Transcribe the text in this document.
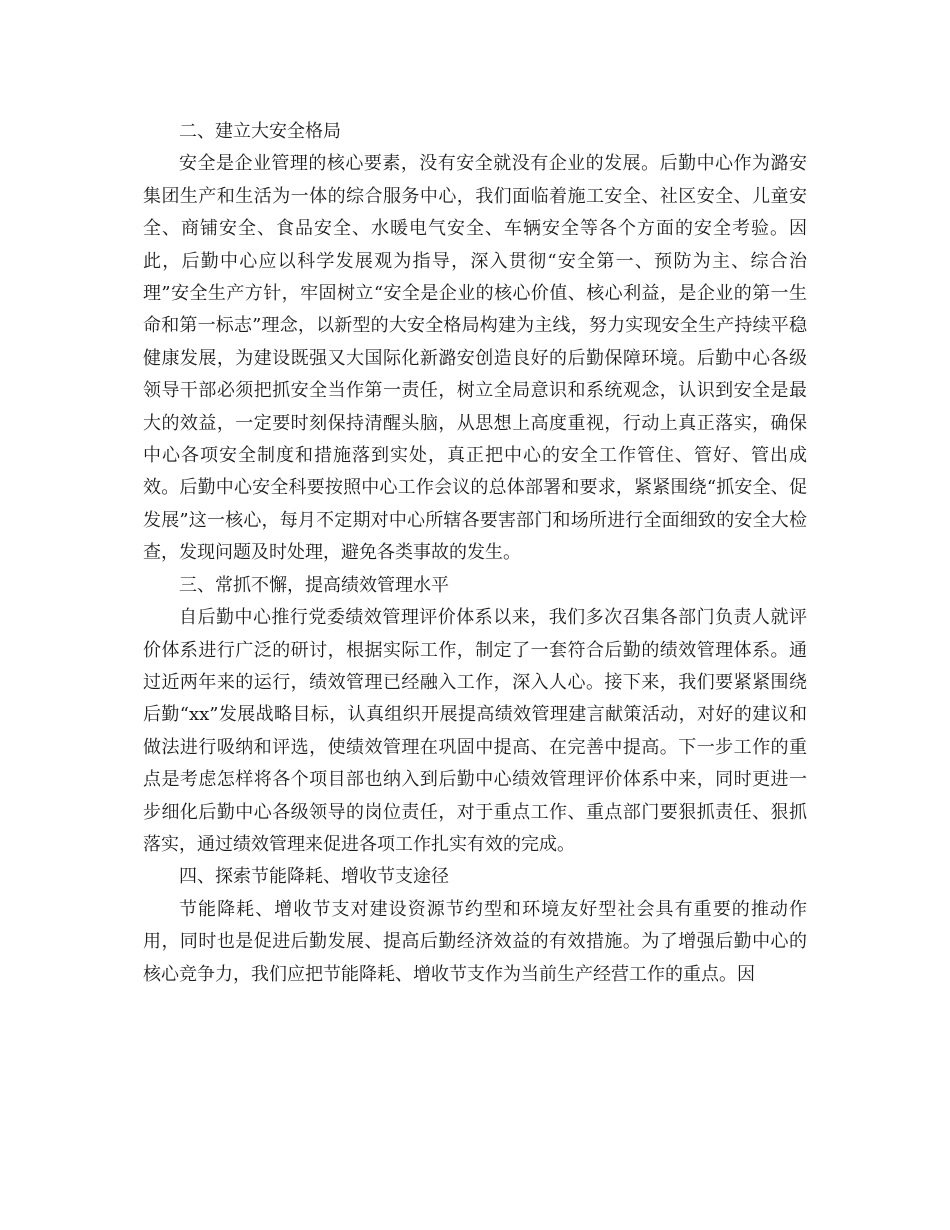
二、建立大安全格局

安全是企业管理的核心要素，没有安全就没有企业的发展。后勤中心作为潞安集团生产和生活为一体的综合服务中心，我们面临着施工安全、社区安全、儿童安全、商铺安全、食品安全、水暖电气安全、车辆安全等各个方面的安全考验。因此，后勤中心应以科学发展观为指导，深入贯彻“安全第一、预防为主、综合治理”安全生产方针，牢固树立“安全是企业的核心价值、核心利益，是企业的第一生命和第一标志”理念，以新型的大安全格局构建为主线，努力实现安全生产持续平稳健康发展，为建设既强又大国际化新潞安创造良好的后勤保障环境。后勤中心各级领导干部必须把抓安全当作第一责任，树立全局意识和系统观念，认识到安全是最大的效益，一定要时刻保持清醒头脑，从思想上高度重视，行动上真正落实，确保中心各项安全制度和措施落到实处，真正把中心的安全工作管住、管好、管出成效。后勤中心安全科要按照中心工作会议的总体部署和要求，紧紧围绕“抓安全、促发展”这一核心，每月不定期对中心所辖各要害部门和场所进行全面细致的安全大检查，发现问题及时处理，避免各类事故的发生。

三、常抓不懈，提高绩效管理水平

自后勤中心推行党委绩效管理评价体系以来，我们多次召集各部门负责人就评价体系进行广泛的研讨，根据实际工作，制定了一套符合后勤的绩效管理体系。通过近两年来的运行，绩效管理已经融入工作，深入人心。接下来，我们要紧紧围绕后勤“xx”发展战略目标，认真组织开展提高绩效管理建言献策活动，对好的建议和做法进行吸纳和评选，使绩效管理在巩固中提高、在完善中提高。下一步工作的重点是考虑怎样将各个项目部也纳入到后勤中心绩效管理评价体系中来，同时更进一步细化后勤中心各级领导的岗位责任，对于重点工作、重点部门要狠抓责任、狠抓落实，通过绩效管理来促进各项工作扎实有效的完成。

四、探索节能降耗、增收节支途径

节能降耗、增收节支对建设资源节约型和环境友好型社会具有重要的推动作用，同时也是促进后勤发展、提高后勤经济效益的有效措施。为了增强后勤中心的核心竞争力，我们应把节能降耗、增收节支作为当前生产经营工作的重点。因
